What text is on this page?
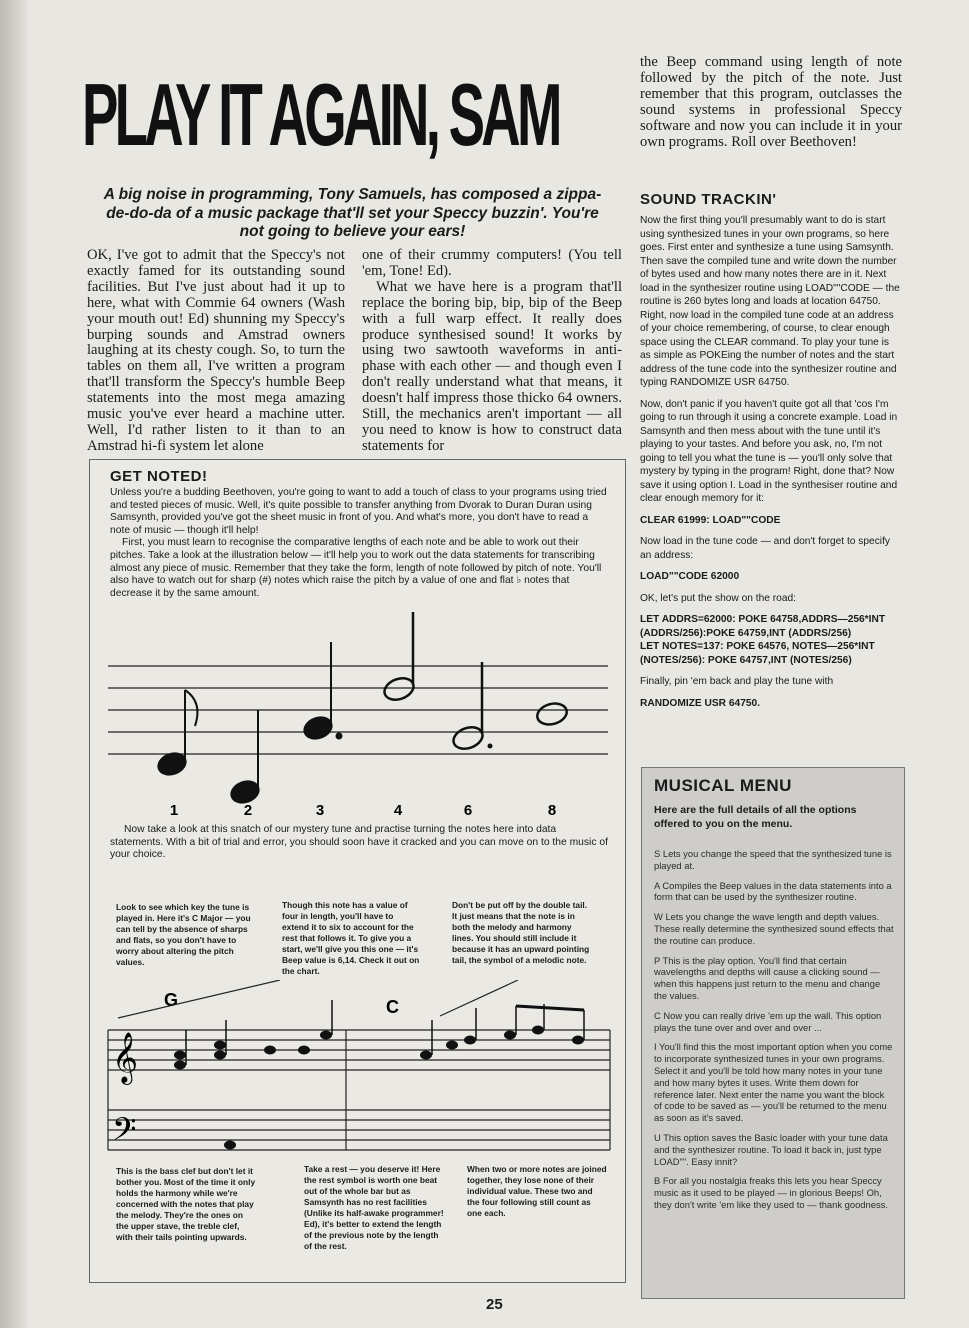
PLAY IT AGAIN, SAM
A big noise in programming, Tony Samuels, has composed a zippa-de-do-da of a music package that'll set your Speccy buzzin'. You're not going to believe your ears!

OK, I've got to admit that the Speccy's not exactly famed for its outstanding sound facilities. But I've just about had it up to here, what with Commie 64 owners (Wash your mouth out! Ed) shunning my Speccy's burping sounds and Amstrad owners laughing at its chesty cough. So, to turn the tables on them all, I've written a program that'll transform the Speccy's humble Beep statements into the most mega amazing music you've ever heard a machine utter. Well, I'd rather listen to it than to an Amstrad hi-fi system let alone

one of their crummy computers! (You tell 'em, Tone! Ed).

What we have here is a program that'll replace the boring bip, bip, bip of the Beep with a full warp effect. It really does produce synthesised sound! It works by using two sawtooth waveforms in anti-phase with each other — and though even I don't really understand what that means, it doesn't half impress those thicko 64 owners. Still, the mechanics aren't important — all you need to know is how to construct data statements for

the Beep command using length of note followed by the pitch of the note. Just remember that this program, outclasses the sound systems in professional Speccy software and now you can include it in your own programs. Roll over Beethoven!

SOUND TRACKIN'

Now the first thing you'll presumably want to do is start using synthesized tunes in your own programs, so here goes. First enter and synthesize a tune using Samsynth. Then save the compiled tune and write down the number of bytes used and how many notes there are in it. Next load in the synthesizer routine using LOAD""CODE — the routine is 260 bytes long and loads at location 64750. Right, now load in the compiled tune code at an address of your choice remembering, of course, to clear enough space using the CLEAR command. To play your tune is as simple as POKEing the number of notes and the start address of the tune code into the synthesizer routine and typing RANDOMIZE USR 64750.

Now, don't panic if you haven't quite got all that 'cos I'm going to run through it using a concrete example. Load in Samsynth and then mess about with the tune until it's playing to your tastes. And before you ask, no, I'm not going to tell you what the tune is — you'll only solve that mystery by typing in the program! Right, done that? Now save it using option I. Load in the synthesiser routine and clear enough memory for it:

CLEAR 61999: LOAD""CODE

Now load in the tune code — and don't forget to specify an address:

LOAD""CODE 62000

OK, let's put the show on the road:

LET ADDRS=62000: POKE 64758,ADDRS—256*INT (ADDRS/256):POKE 64759,INT (ADDRS/256)

LET NOTES=137: POKE 64576, NOTES—256*INT (NOTES/256): POKE 64757,INT (NOTES/256)

Finally, pin 'em back and play the tune with

RANDOMIZE USR 64750.

MUSICAL MENU
Here are the full details of all the options offered to you on the menu.

S Lets you change the speed that the synthesized tune is played at.

A Compiles the Beep values in the data statements into a form that can be used by the synthesizer routine.

W Lets you change the wave length and depth values. These really determine the synthesized sound effects that the routine can produce.

P This is the play option. You'll find that certain wavelengths and depths will cause a clicking sound — when this happens just return to the menu and change the values.

C Now you can really drive 'em up the wall. This option plays the tune over and over and over ...

I You'll find this the most important option when you come to incorporate synthesized tunes in your own programs. Select it and you'll be told how many notes in your tune and how many bytes it uses. Write them down for reference later. Next enter the name you want the block of code to be saved as — you'll be returned to the menu as soon as it's saved.

U This option saves the Basic loader with your tune data and the synthesizer routine. To load it back in, just type LOAD"". Easy innit?

B For all you nostalgia freaks this lets you hear Speccy music as it used to be played — in glorious Beeps! Oh, they don't write 'em like they used to — thank goodness.

GET NOTED!

Unless you're a budding Beethoven, you're going to want to add a touch of class to your programs using tried and tested pieces of music. Well, it's quite possible to transfer anything from Dvorak to Duran Duran using Samsynth, provided you've got the sheet music in front of you. And what's more, you don't have to read a note of music — though it'll help!

First, you must learn to recognise the comparative lengths of each note and be able to work out their pitches. Take a look at the illustration below — it'll help you to work out the data statements for transcribing almost any piece of music. Remember that they take the form, length of note followed by pitch of note. You'll also have to watch out for sharp (#) notes which raise the pitch by a value of one and flat ♭ notes that decrease it by the same amount.

1	2	3	4	6	8
Now take a look at this snatch of our mystery tune and practise turning the notes here into data statements. With a bit of trial and error, you should soon have it cracked and you can move on to the music of your choice.
Look to see which key the tune is played in. Here it's C Major — you can tell by the absence of sharps and flats, so you don't have to worry about altering the pitch values.
Though this note has a value of four in length, you'll have to extend it to six to account for the rest that follows it. To give you a start, we'll give you this one — it's Beep value is 6,14. Check it out on the chart.
Don't be put off by the double tail. It just means that the note is in both the melody and harmony lines. You should still include it because it has an upward pointing tail, the symbol of a melodic note.
G	C
𝄞
𝄢
This is the bass clef but don't let it bother you. Most of the time it only holds the harmony while we're concerned with the notes that play the melody. They're the ones on the upper stave, the treble clef, with their tails pointing upwards.
Take a rest — you deserve it! Here the rest symbol is worth one beat out of the whole bar but as Samsynth has no rest facilities (Unlike its half-awake programmer! Ed), it's better to extend the length of the previous note by the length of the rest.
When two or more notes are joined together, they lose none of their individual value. These two and the four following still count as one each.
25
